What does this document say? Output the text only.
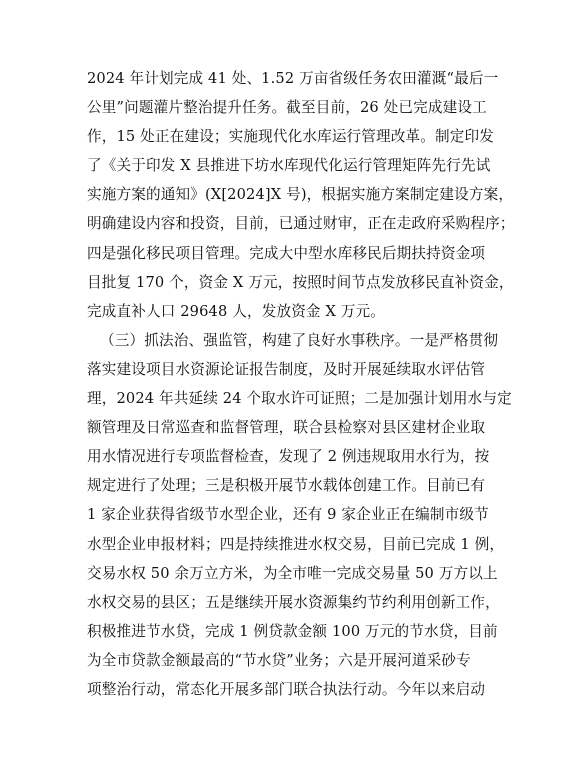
2024 年计划完成 41 处、1.52 万亩省级任务农田灌溉“最后一
公里”问题灌片整治提升任务。截至目前，26 处已完成建设工
作，15 处正在建设；实施现代化水库运行管理改革。制定印发
了《关于印发 X 县推进下坊水库现代化运行管理矩阵先行先试
实施方案的通知》(X[2024]X 号)，根据实施方案制定建设方案，
明确建设内容和投资，目前，已通过财审，正在走政府采购程序；
四是强化移民项目管理。完成大中型水库移民后期扶持资金项
目批复 170 个，资金 X 万元，按照时间节点发放移民直补资金，
完成直补人口 29648 人，发放资金 X 万元。
（三）抓法治、强监管，构建了良好水事秩序。一是严格贯彻
落实建设项目水资源论证报告制度，及时开展延续取水评估管
理，2024 年共延续 24 个取水许可证照；二是加强计划用水与定
额管理及日常巡查和监督管理，联合县检察对县区建材企业取
用水情况进行专项监督检查，发现了 2 例违规取用水行为，按
规定进行了处理；三是积极开展节水载体创建工作。目前已有
1 家企业获得省级节水型企业，还有 9 家企业正在编制市级节
水型企业申报材料；四是持续推进水权交易，目前已完成 1 例，
交易水权 50 余万立方米，为全市唯一完成交易量 50 万方以上
水权交易的县区；五是继续开展水资源集约节约利用创新工作，
积极推进节水贷，完成 1 例贷款金额 100 万元的节水贷，目前
为全市贷款金额最高的“节水贷”业务；六是开展河道采砂专
项整治行动，常态化开展多部门联合执法行动。今年以来启动
